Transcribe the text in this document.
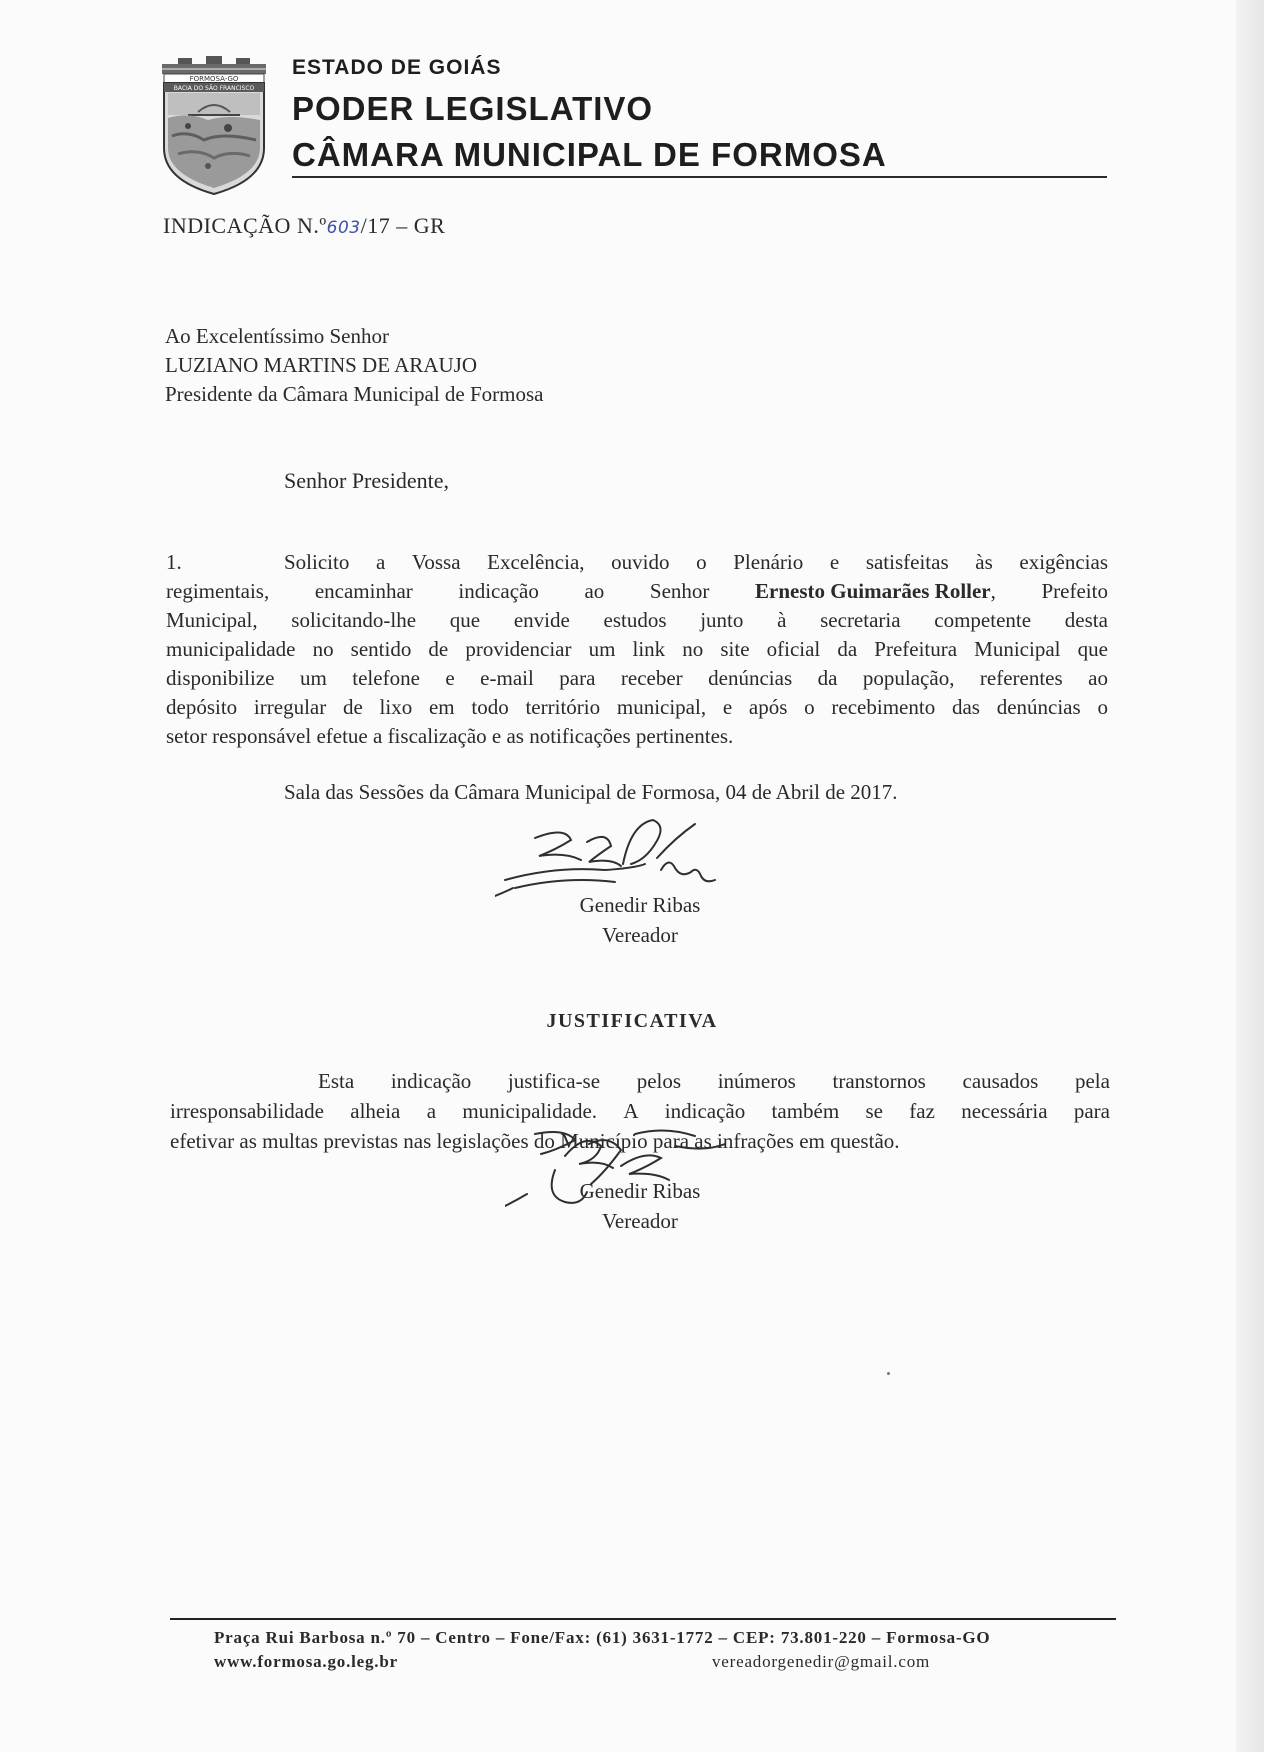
FORMOSA-GO
BACIA DO SÃO FRANCISCO
ESTADO DE GOIÁS
PODER LEGISLATIVO
CÂMARA MUNICIPAL DE FORMOSA
INDICAÇÃO N.º603/17 – GR
Ao Excelentíssimo Senhor
LUZIANO MARTINS DE ARAUJO
Presidente da Câmara Municipal de Formosa
Senhor Presidente,
1.	Solicito a Vossa Excelência, ouvido o Plenário e satisfeitas às exigências
regimentais, encaminhar indicação ao Senhor Ernesto Guimarães Roller, Prefeito
Municipal, solicitando-lhe que envide estudos junto à secretaria competente desta
municipalidade no sentido de providenciar um link no site oficial da Prefeitura Municipal que
disponibilize um telefone e e-mail para receber denúncias da população, referentes ao
depósito irregular de lixo em todo território municipal, e após o recebimento das denúncias o
setor responsável efetue a fiscalização e as notificações pertinentes.
Sala das Sessões da Câmara Municipal de Formosa, 04 de Abril de 2017.
Genedir Ribas
Vereador
JUSTIFICATIVA
Esta indicação justifica-se pelos inúmeros transtornos causados pela
irresponsabilidade alheia a municipalidade. A indicação também se faz necessária para
efetivar as multas previstas nas legislações do Município para as infrações em questão.
Genedir Ribas
Vereador
Praça Rui Barbosa n.º 70 – Centro – Fone/Fax: (61) 3631-1772 – CEP: 73.801-220 – Formosa-GO
www.formosa.go.leg.br	vereadorgenedir@gmail.com
